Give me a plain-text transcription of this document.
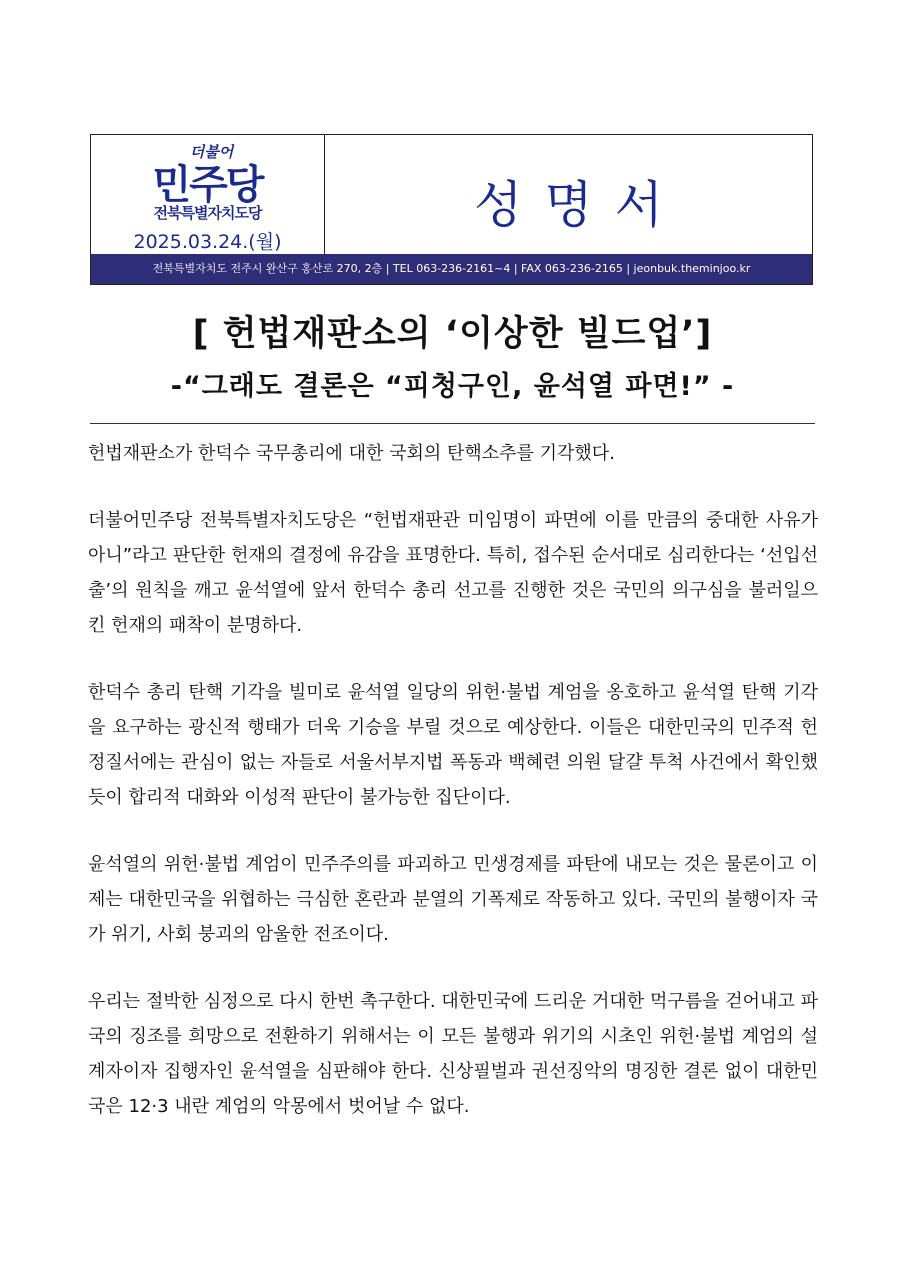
더불어
민주당
전북특별자치도당
2025.03.24.(월)
성명서
전북특별자치도 전주시 완산구 홍산로 270, 2층 | TEL 063-236-2161~4 | FAX 063-236-2165 | jeonbuk.theminjoo.kr
[ 헌법재판소의 ‘이상한 빌드업’]
-“그래도 결론은 “피청구인, 윤석열 파면!” -

헌법재판소가 한덕수 국무총리에 대한 국회의 탄핵소추를 기각했다.

더불어민주당 전북특별자치도당은 “헌법재판관 미임명이 파면에 이를 만큼의 중대한 사유가 아니”라고 판단한 헌재의 결정에 유감을 표명한다. 특히, 접수된 순서대로 심리한다는 ‘선입선출’의 원칙을 깨고 윤석열에 앞서 한덕수 총리 선고를 진행한 것은 국민의 의구심을 불러일으킨 헌재의 패착이 분명하다.

한덕수 총리 탄핵 기각을 빌미로 윤석열 일당의 위헌·불법 계엄을 옹호하고 윤석열 탄핵 기각을 요구하는 광신적 행태가 더욱 기승을 부릴 것으로 예상한다. 이들은 대한민국의 민주적 헌정질서에는 관심이 없는 자들로 서울서부지법 폭동과 백혜련 의원 달걀 투척 사건에서 확인했듯이 합리적 대화와 이성적 판단이 불가능한 집단이다.

윤석열의 위헌·불법 계엄이 민주주의를 파괴하고 민생경제를 파탄에 내모는 것은 물론이고 이제는 대한민국을 위협하는 극심한 혼란과 분열의 기폭제로 작동하고 있다. 국민의 불행이자 국가 위기, 사회 붕괴의 암울한 전조이다.

우리는 절박한 심정으로 다시 한번 촉구한다. 대한민국에 드리운 거대한 먹구름을 걷어내고 파국의 징조를 희망으로 전환하기 위해서는 이 모든 불행과 위기의 시초인 위헌·불법 계엄의 설계자이자 집행자인 윤석열을 심판해야 한다. 신상필벌과 권선징악의 명징한 결론 없이 대한민국은 12·3 내란 계엄의 악몽에서 벗어날 수 없다.
